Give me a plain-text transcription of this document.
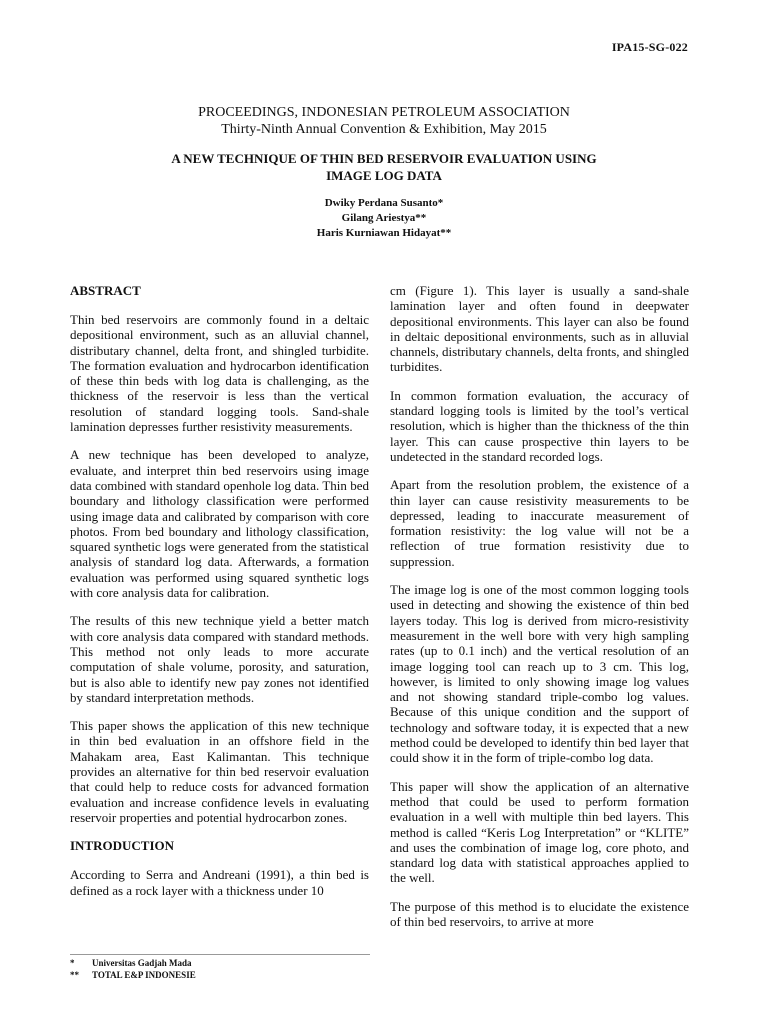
IPA15-SG-022
PROCEEDINGS, INDONESIAN PETROLEUM ASSOCIATION
Thirty-Ninth Annual Convention & Exhibition, May 2015
A NEW TECHNIQUE OF THIN BED RESERVOIR EVALUATION USING
IMAGE LOG DATA
Dwiky Perdana Susanto*
Gilang Ariestya**
Haris Kurniawan Hidayat**
ABSTRACT

Thin bed reservoirs are commonly found in a deltaic depositional environment, such as an alluvial channel, distributary channel, delta front, and shingled turbidite. The formation evaluation and hydrocarbon identification of these thin beds with log data is challenging, as the thickness of the reservoir is less than the vertical resolution of standard logging tools. Sand-shale lamination depresses further resistivity measurements.

A new technique has been developed to analyze, evaluate, and interpret thin bed reservoirs using image data combined with standard openhole log data. Thin bed boundary and lithology classification were performed using image data and calibrated by comparison with core photos. From bed boundary and lithology classification, squared synthetic logs were generated from the statistical analysis of standard log data. Afterwards, a formation evaluation was performed using squared synthetic logs with core analysis data for calibration.

The results of this new technique yield a better match with core analysis data compared with standard methods. This method not only leads to more accurate computation of shale volume, porosity, and saturation, but is also able to identify new pay zones not identified by standard interpretation methods.

This paper shows the application of this new technique in thin bed evaluation in an offshore field in the Mahakam area, East Kalimantan. This technique provides an alternative for thin bed reservoir evaluation that could help to reduce costs for advanced formation evaluation and increase confidence levels in evaluating reservoir properties and potential hydrocarbon zones.

INTRODUCTION

According to Serra and Andreani (1991), a thin bed is defined as a rock layer with a thickness under 10

cm (Figure 1). This layer is usually a sand-shale lamination layer and often found in deepwater depositional environments. This layer can also be found in deltaic depositional environments, such as in alluvial channels, distributary channels, delta fronts, and shingled turbidites.

In common formation evaluation, the accuracy of standard logging tools is limited by the tool’s vertical resolution, which is higher than the thickness of the thin layer. This can cause prospective thin layers to be undetected in the standard recorded logs.

Apart from the resolution problem, the existence of a thin layer can cause resistivity measurements to be depressed, leading to inaccurate measurement of formation resistivity: the log value will not be a reflection of true formation resistivity due to suppression.

The image log is one of the most common logging tools used in detecting and showing the existence of thin bed layers today. This log is derived from micro-resistivity measurement in the well bore with very high sampling rates (up to 0.1 inch) and the vertical resolution of an image logging tool can reach up to 3 cm. This log, however, is limited to only showing image log values and not showing standard triple-combo log values. Because of this unique condition and the support of technology and software today, it is expected that a new method could be developed to identify thin bed layer that could show it in the form of triple-combo log data.

This paper will show the application of an alternative method that could be used to perform formation evaluation in a well with multiple thin bed layers. This method is called “Keris Log Interpretation” or “KLITE” and uses the combination of image log, core photo, and standard log data with statistical approaches applied to the well.

The purpose of this method is to elucidate the existence of thin bed reservoirs, to arrive at more

*	Universitas Gadjah Mada
**	TOTAL E&P INDONESIE
